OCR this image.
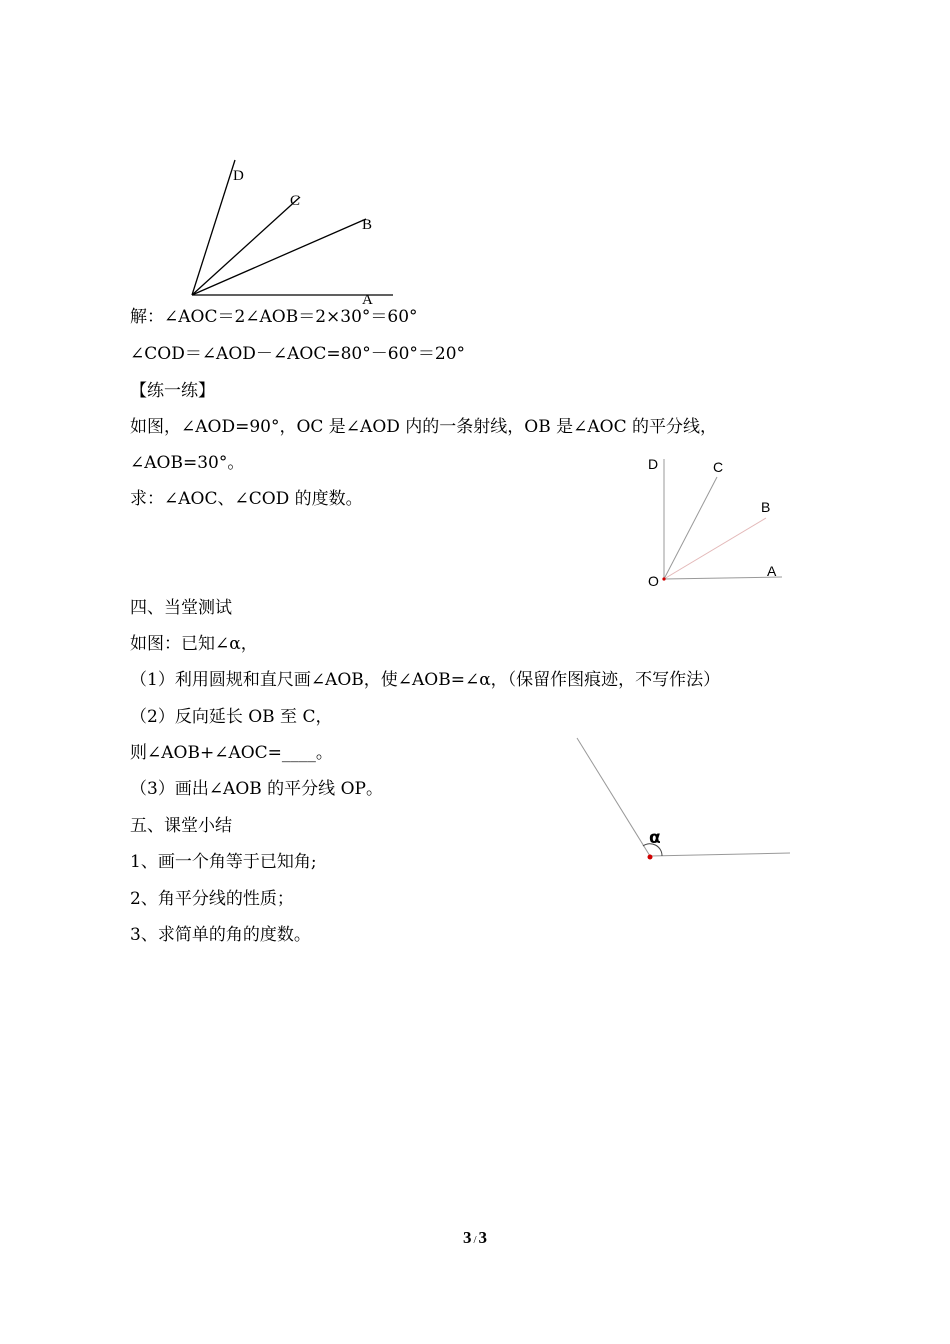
D
C
B
A
D	C
B
A
O
α
解：∠AOC＝2∠AOB＝2×30°＝60°
∠COD＝∠AOD－∠AOC=80°－60°＝20°
【练一练】
如图，∠AOD=90°，OC 是∠AOD 内的一条射线，OB 是∠AOC 的平分线，
∠AOB=30°。
求：∠AOC、∠COD 的度数。
四、当堂测试
如图：已知∠α，
（1）利用圆规和直尺画∠AOB，使∠AOB=∠α，（保留作图痕迹，不写作法）
（2）反向延长 OB 至 C，
则∠AOB+∠AOC=____。
（3）画出∠AOB 的平分线 OP。
五、课堂小结
1、画一个角等于已知角;
2、角平分线的性质；
3、求简单的角的度数。
3 / 3
